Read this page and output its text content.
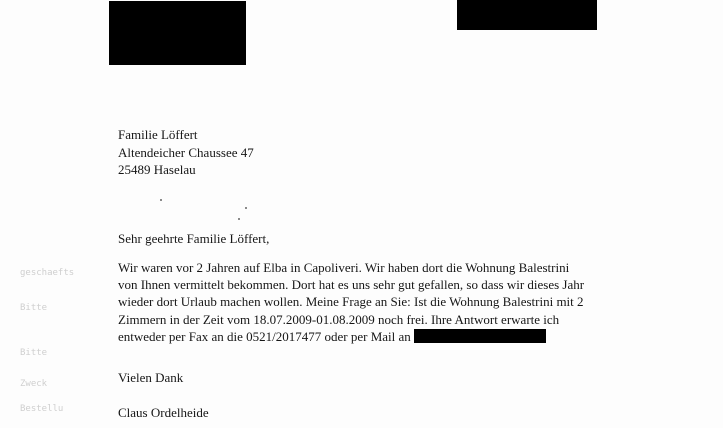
geschaefts
Bitte
Bitte
Zweck
Bestellu
Familie Löffert
Altendeicher Chaussee 47
25489 Haselau
Sehr geehrte Familie Löffert,
Wir waren vor 2 Jahren auf Elba in Capoliveri. Wir haben dort die Wohnung Balestrini
von Ihnen vermittelt bekommen. Dort hat es uns sehr gut gefallen, so dass wir dieses Jahr
wieder dort Urlaub machen wollen. Meine Frage an Sie: Ist die Wohnung Balestrini mit 2
Zimmern in der Zeit vom 18.07.2009-01.08.2009 noch frei. Ihre Antwort erwarte ich
entweder per Fax an die 0521/2017477 oder per Mail an
Vielen Dank
Claus Ordelheide
